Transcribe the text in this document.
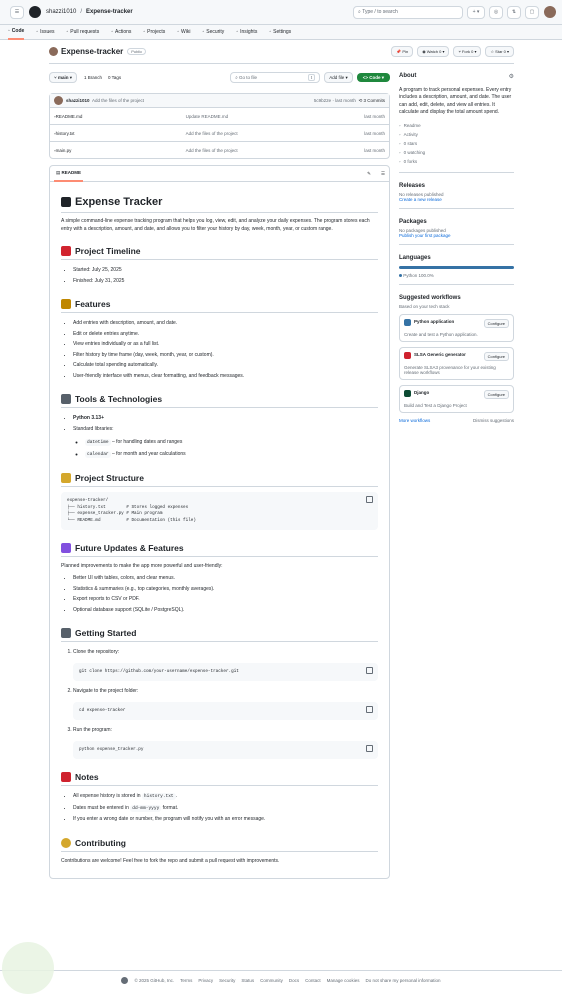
☰	shazzi1010 / Expense-tracker	⌕ Type / to search	+ ▾	◎	⇅	▢
◦ Code ◦ Issues ◦ Pull requests ◦ Actions ◦ Projects ◦ Wiki ◦ Security ◦ Insights ◦ Settings
Expense-tracker	Public	📌 Pin	◉ Watch
0 ▾	⑂ Fork
0 ▾	☆ Star
0 ▾
⑂ main ▾	1 Branch 0 Tags	⌕ Go to file	t	Add file ▾	<> Code ▾
shazzi1010
Add the files of the project	5c9b22e · last month
⟲ 3 Commits
▫ README.md	Update README.md	last month
▫ history.txt	Add the files of the project	last month
▫ main.py	Add the files of the project	last month
▤ README	✎ ☰
Expense Tracker

A simple command-line expense tracking program that helps you log, view, edit, and analyze your daily expenses. The program stores each entry with a description, amount, and date, and allows you to filter your history by day, week, month, year, or custom range.

Project Timeline
• Started: July 25, 2025
• Finished: July 31, 2025
Features
• Add entries with description, amount, and date.
• Edit or delete entries anytime.
• View entries individually or as a full list.
• Filter history by time frame (day, week, month, year, or custom).
• Calculate total spending automatically.
• User-friendly interface with menus, clear formatting, and feedback messages.
Tools & Technologies
• Python 3.13+
• Standard libraries:
◦ datetime – for handling dates and ranges
◦ calendar – for month and year calculations
Project Structure
expense-tracker/
├── history.txt        # Stores logged expenses
├── expense_tracker.py # Main program
└── README.md          # Documentation (this file)
Future Updates & Features

Planned improvements to make the app more powerful and user-friendly:

• Better UI with tables, colors, and clear menus.
• Statistics & summaries (e.g., top categories, monthly averages).
• Export reports to CSV or PDF.
• Optional database support (SQLite / PostgreSQL).
Getting Started
1. Clone the repository:
git clone https://github.com/your-username/expense-tracker.git
2. Navigate to the project folder:
cd expense-tracker
3. Run the program:
python expense_tracker.py
Notes
• All expense history is stored in history.txt .
• Dates must be entered in dd-mm-yyyy format.
• If you enter a wrong date or number, the program will notify you with an error message.
Contributing

Contributions are welcome! Feel free to fork the repo and submit a pull request with improvements.

About	⚙

A program to track personal expenses. Every entry includes a description, amount, and date. The user can add, edit, delete, and view all entries. It calculate and display the total amount spend.

◦ Readme
◦ Activity
◦ 0 stars
◦ 0 watching
◦ 0 forks
Releases
No releases published
Create a new release
Packages
No packages published
Publish your first package
Languages
Python 100.0%
Suggested workflows
Based on your tech stack
Python application	Configure
Create and test a Python application.
SLSA Generic generator	Configure
Generate SLSA3 provenance for your existing release workflows
Django	Configure
Build and Test a Django Project
More workflows	Dismiss suggestions
© 2025 GitHub, Inc. Terms Privacy Security Status Community Docs Contact Manage cookies Do not share my personal information
